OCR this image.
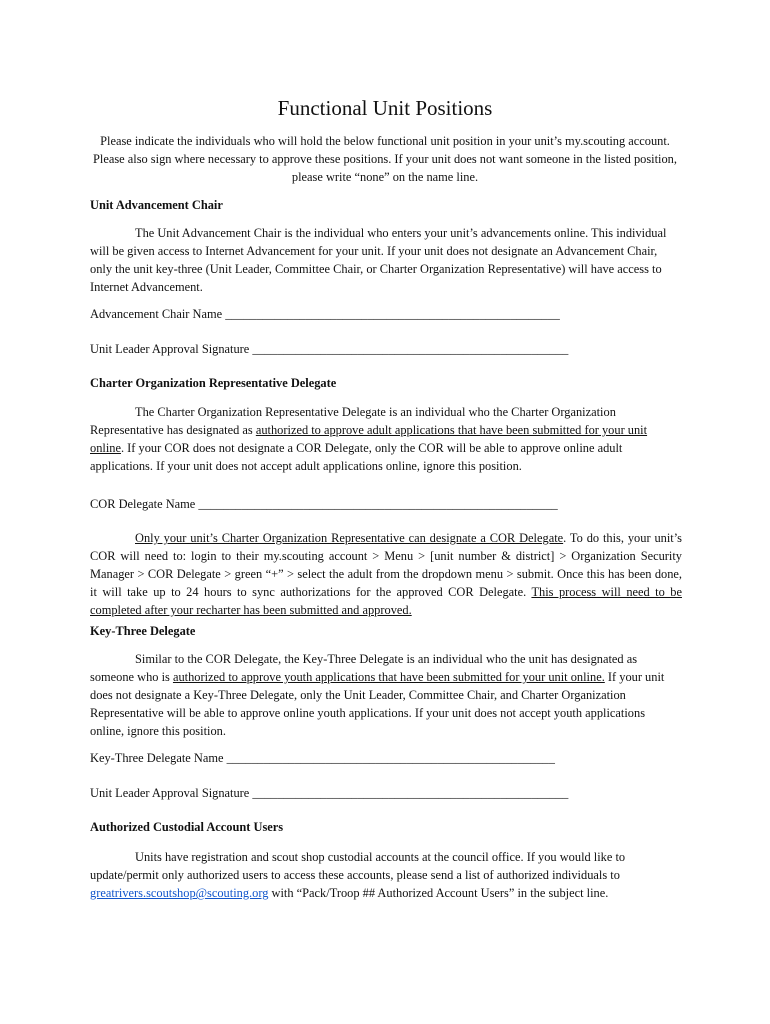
Functional Unit Positions
Please indicate the individuals who will hold the below functional unit position in your unit’s my.scouting account. Please also sign where necessary to approve these positions. If your unit does not want someone in the listed position, please write “none” on the name line.
Unit Advancement Chair
The Unit Advancement Chair is the individual who enters your unit’s advancements online. This individual will be given access to Internet Advancement for your unit. If your unit does not designate an Advancement Chair, only the unit key-three (Unit Leader, Committee Chair, or Charter Organization Representative) will have access to Internet Advancement.
Advancement Chair Name ______________________________________________________
Unit Leader Approval Signature ___________________________________________________
Charter Organization Representative Delegate
The Charter Organization Representative Delegate is an individual who the Charter Organization Representative has designated as authorized to approve adult applications that have been submitted for your unit online. If your COR does not designate a COR Delegate, only the COR will be able to approve online adult applications. If your unit does not accept adult applications online, ignore this position.
COR Delegate Name __________________________________________________________
Only your unit’s Charter Organization Representative can designate a COR Delegate. To do this, your unit’s COR will need to: login to their my.scouting account > Menu > [unit number & district] > Organization Security Manager > COR Delegate > green “+” > select the adult from the dropdown menu > submit. Once this has been done, it will take up to 24 hours to sync authorizations for the approved COR Delegate. This process will need to be completed after your recharter has been submitted and approved.
Key-Three Delegate
Similar to the COR Delegate, the Key-Three Delegate is an individual who the unit has designated as someone who is authorized to approve youth applications that have been submitted for your unit online. If your unit does not designate a Key-Three Delegate, only the Unit Leader, Committee Chair, and Charter Organization Representative will be able to approve online youth applications. If your unit does not accept youth applications online, ignore this position.
Key-Three Delegate Name _____________________________________________________
Unit Leader Approval Signature ___________________________________________________
Authorized Custodial Account Users
Units have registration and scout shop custodial accounts at the council office. If you would like to update/permit only authorized users to access these accounts, please send a list of authorized individuals to greatrivers.scoutshop@scouting.org with “Pack/Troop ## Authorized Account Users” in the subject line.
